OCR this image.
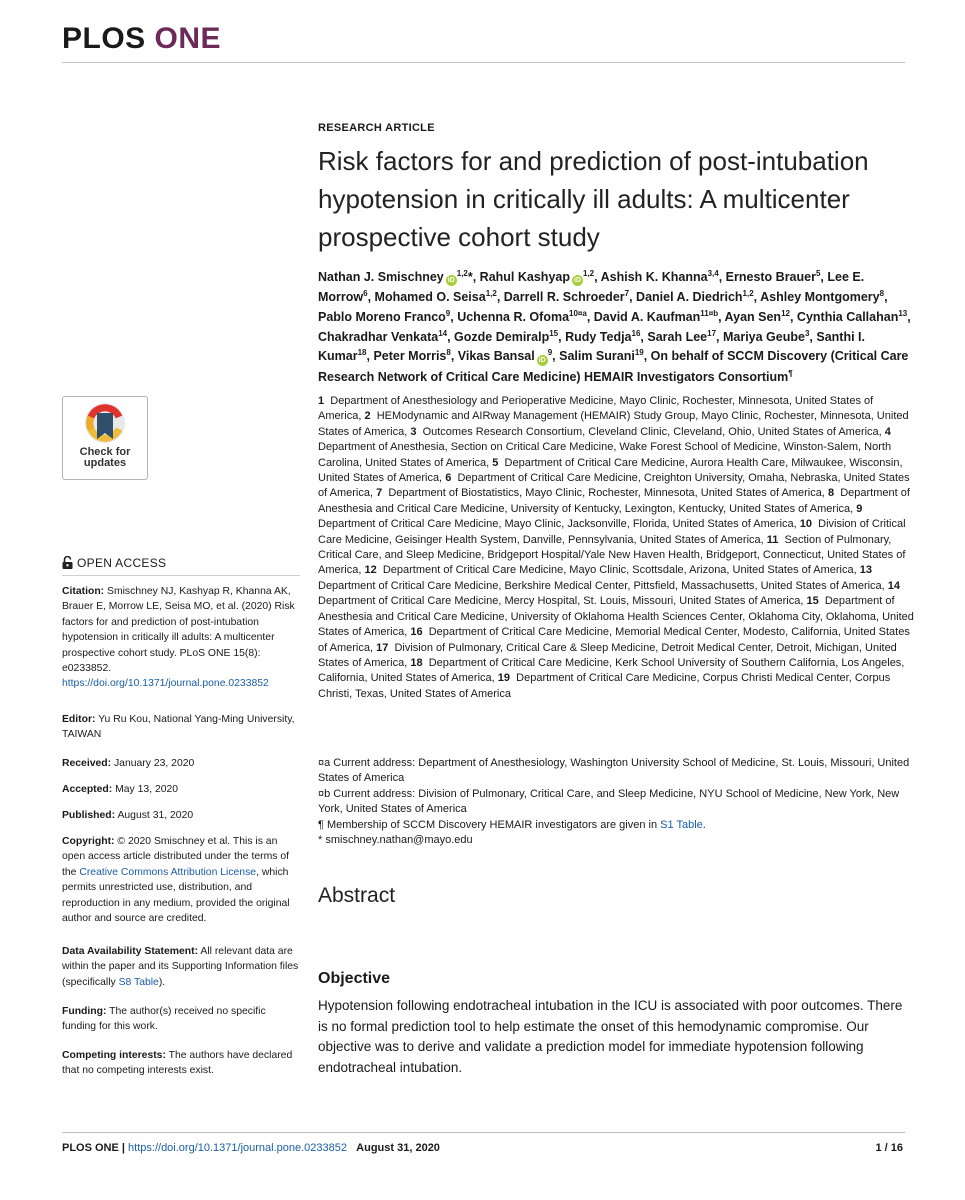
PLOS ONE
RESEARCH ARTICLE
Risk factors for and prediction of post-intubation hypotension in critically ill adults: A multicenter prospective cohort study
Nathan J. Smischney iD$^{1,2}$*, Rahul Kashyap iD$^{1,2}$, Ashish K. Khanna$^{3,4}$, Ernesto Brauer$^5$, Lee E. Morrow$^6$, Mohamed O. Seisa$^{1,2}$, Darrell R. Schroeder$^7$, Daniel A. Diedrich$^{1,2}$, Ashley Montgomery$^8$, Pablo Moreno Franco$^9$, Uchenna R. Ofoma$^{10¤a}$, David A. Kaufman$^{11¤b}$, Ayan Sen$^{12}$, Cynthia Callahan$^{13}$, Chakradhar Venkata$^{14}$, Gozde Demiralp$^{15}$, Rudy Tedja$^{16}$, Sarah Lee$^{17}$, Mariya Geube$^3$, Santhi I. Kumar$^{18}$, Peter Morris$^8$, Vikas Bansal $iD^9$, Salim Surani$^{19}$, On behalf of SCCM Discovery (Critical Care Research Network of Critical Care Medicine) HEMAIR Investigators Consortium¶
1 Department of Anesthesiology and Perioperative Medicine, Mayo Clinic, Rochester, Minnesota, United States of America, 2 HEModynamic and AIRway Management (HEMAIR) Study Group, Mayo Clinic, Rochester, Minnesota, United States of America, 3 Outcomes Research Consortium, Cleveland Clinic, Cleveland, Ohio, United States of America, 4  Department of Anesthesia, Section on Critical Care Medicine, Wake Forest School of Medicine, Winston-Salem, North Carolina, United States of America, 5 Department of Critical Care Medicine, Aurora Health Care, Milwaukee, Wisconsin, United States of America, 6 Department of Critical Care Medicine, Creighton University, Omaha, Nebraska, United States of America, 7 Department of Biostatistics, Mayo Clinic, Rochester, Minnesota, United States of America, 8 Department of Anesthesia and Critical Care Medicine, University of Kentucky, Lexington, Kentucky, United States of America, 9  Department of Critical Care Medicine, Mayo Clinic, Jacksonville, Florida, United States of America, 10 Division of Critical Care Medicine, Geisinger Health System, Danville, Pennsylvania, United States of America, 11 Section of Pulmonary, Critical Care, and Sleep Medicine, Bridgeport Hospital/Yale New Haven Health, Bridgeport, Connecticut, United States of America, 12 Department of Critical Care Medicine, Mayo Clinic, Scottsdale, Arizona, United States of America, 13  Department of Critical Care Medicine, Berkshire Medical Center, Pittsfield, Massachusetts, United States of America, 14  Department of Critical Care Medicine, Mercy Hospital, St. Louis, Missouri, United States of America, 15 Department of Anesthesia and Critical Care Medicine, University of Oklahoma Health Sciences Center, Oklahoma City, Oklahoma, United States of America, 16 Department of Critical Care Medicine, Memorial Medical Center, Modesto, California, United States of America, 17 Division of Pulmonary, Critical Care & Sleep Medicine, Detroit Medical Center, Detroit, Michigan, United States of America, 18 Department of Critical Care Medicine, Kerk School University of Southern California, Los Angeles, California, United States of America, 19 Department of Critical Care Medicine, Corpus Christi Medical Center, Corpus Christi, Texas, United States of America
¤a Current address: Department of Anesthesiology, Washington University School of Medicine, St. Louis, Missouri, United States of America
¤b Current address: Division of Pulmonary, Critical Care, and Sleep Medicine, NYU School of Medicine, New York, New York, United States of America
¶ Membership of SCCM Discovery HEMAIR investigators are given in S1 Table.
* smischney.nathan@mayo.edu
Check for
updates
OPEN ACCESS
Citation: Smischney NJ, Kashyap R, Khanna AK, Brauer E, Morrow LE, Seisa MO, et al. (2020) Risk factors for and prediction of post-intubation hypotension in critically ill adults: A multicenter prospective cohort study. PLoS ONE 15(8): e0233852. https://doi.org/10.1371/journal.pone.0233852
Editor: Yu Ru Kou, National Yang-Ming University, TAIWAN
Received: January 23, 2020
Accepted: May 13, 2020
Published: August 31, 2020
Copyright: © 2020 Smischney et al. This is an open access article distributed under the terms of the Creative Commons Attribution License, which permits unrestricted use, distribution, and reproduction in any medium, provided the original author and source are credited.
Data Availability Statement: All relevant data are within the paper and its Supporting Information files (specifically S8 Table).
Funding: The author(s) received no specific funding for this work.
Competing interests: The authors have declared that no competing interests exist.
Abstract
Objective
Hypotension following endotracheal intubation in the ICU is associated with poor outcomes. There is no formal prediction tool to help estimate the onset of this hemodynamic compromise. Our objective was to derive and validate a prediction model for immediate hypotension following endotracheal intubation.
PLOS ONE | https://doi.org/10.1371/journal.pone.0233852 August 31, 2020	1 / 16
